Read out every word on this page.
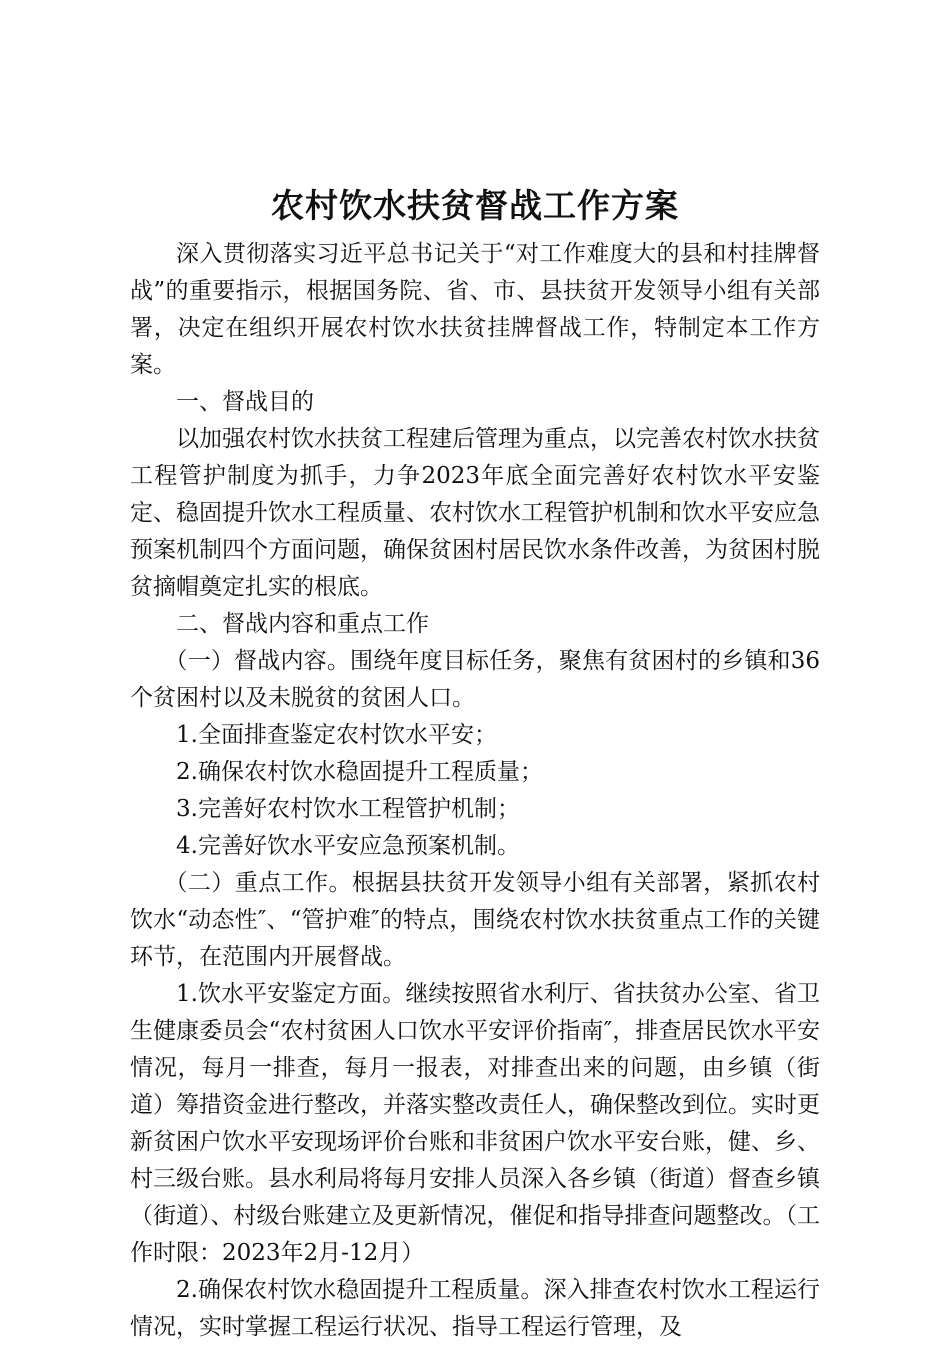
农村饮水扶贫督战工作方案

深入贯彻落实习近平总书记关于“对工作难度大的县和村挂牌督战”的重要指示，根据国务院、省、市、县扶贫开发领导小组有关部署，决定在组织开展农村饮水扶贫挂牌督战工作，特制定本工作方案。

一、督战目的

以加强农村饮水扶贫工程建后管理为重点，以完善农村饮水扶贫工程管护制度为抓手，力争2023年底全面完善好农村饮水平安鉴定、稳固提升饮水工程质量、农村饮水工程管护机制和饮水平安应急预案机制四个方面问题，确保贫困村居民饮水条件改善，为贫困村脱贫摘帽奠定扎实的根底。

二、督战内容和重点工作

（一）督战内容。围绕年度目标任务，聚焦有贫困村的乡镇和36个贫困村以及未脱贫的贫困人口。

1.全面排查鉴定农村饮水平安；

2.确保农村饮水稳固提升工程质量；

3.完善好农村饮水工程管护机制；

4.完善好饮水平安应急预案机制。

（二）重点工作。根据县扶贫开发领导小组有关部署，紧抓农村饮水“动态性″、“管护难″的特点，围绕农村饮水扶贫重点工作的关键环节，在范围内开展督战。

1.饮水平安鉴定方面。继续按照省水利厅、省扶贫办公室、省卫生健康委员会“农村贫困人口饮水平安评价指南″，排查居民饮水平安情况，每月一排查，每月一报表，对排查出来的问题，由乡镇（街道）筹措资金进行整改，并落实整改责任人，确保整改到位。实时更新贫困户饮水平安现场评价台账和非贫困户饮水平安台账，健、乡、村三级台账。县水利局将每月安排人员深入各乡镇（街道）督查乡镇（街道）、村级台账建立及更新情况，催促和指导排查问题整改。（工作时限：2023年2月-12月）

2.确保农村饮水稳固提升工程质量。深入排查农村饮水工程运行情况，实时掌握工程运行状况、指导工程运行管理，及
